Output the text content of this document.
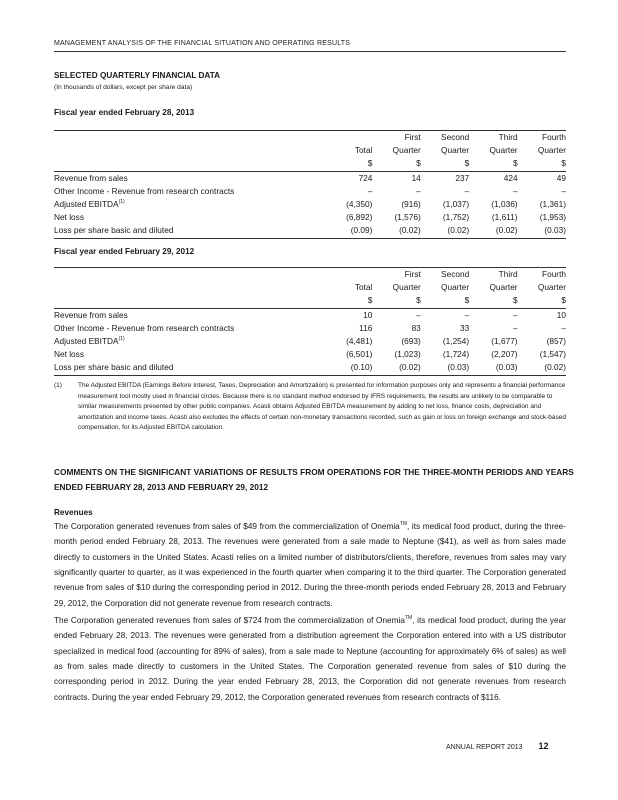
MANAGEMENT ANALYSIS OF THE FINANCIAL SITUATION AND OPERATING RESULTS
SELECTED QUARTERLY FINANCIAL DATA
(In thousands of dollars, except per share data)
Fiscal year ended February 28, 2013
		First	Second	Third	Fourth
	Total	Quarter	Quarter	Quarter	Quarter
	$	$	$	$	$
Revenue from sales	724	14	237	424	49
Other Income - Revenue from research contracts	–	–	–	–	–
Adjusted EBITDA$^{(1)}$	(4,350)	(916)	(1,037)	(1,036)	(1,361)
Net loss	(6,892)	(1,576)	(1,752)	(1,611)	(1,953)
Loss per share basic and diluted	(0.09)	(0.02)	(0.02)	(0.02)	(0.03)
Fiscal year ended February 29, 2012
		First	Second	Third	Fourth
	Total	Quarter	Quarter	Quarter	Quarter
	$	$	$	$	$
Revenue from sales	10	–	–	–	10
Other Income - Revenue from research contracts	116	83	33	–	–
Adjusted EBITDA$^{(1)}$	(4,481)	(693)	(1,254)	(1,677)	(857)
Net loss	(6,501)	(1,023)	(1,724)	(2,207)	(1,547)
Loss per share basic and diluted	(0.10)	(0.02)	(0.03)	(0.03)	(0.02)
(1) The Adjusted EBITDA (Earnings Before Interest, Taxes, Depreciation and Amortization) is presented for information purposes only and represents a financial performance measurement tool mostly used in financial circles. Because there is no standard method endorsed by IFRS requirements, the results are unlikely to be comparable to similar measurements presented by other public companies. Acasti obtains Adjusted EBITDA measurement by adding to net loss, finance costs, depreciation and amortization and income taxes. Acasti also excludes the effects of certain non-monetary transactions recorded, such as gain or loss on foreign exchange and stock-based compensation, for its Adjusted EBITDA calculation.
COMMENTS ON THE SIGNIFICANT VARIATIONS OF RESULTS FROM OPERATIONS FOR THE THREE-MONTH PERIODS AND YEARS ENDED FEBRUARY 28, 2013 AND FEBRUARY 29, 2012
Revenues
The Corporation generated revenues from sales of $49 from the commercialization of Onemia™, its medical food product, during the three-month period ended February 28, 2013. The revenues were generated from a sale made to Neptune ($41), as well as from sales made directly to customers in the United States. Acasti relies on a limited number of distributors/clients, therefore, revenues from sales may vary significantly quarter to quarter, as it was experienced in the fourth quarter when comparing it to the third quarter. The Corporation generated revenue from sales of $10 during the corresponding period in 2012. During the three-month periods ended February 28, 2013 and February 29, 2012, the Corporation did not generate revenue from research contracts.
The Corporation generated revenues from sales of $724 from the commercialization of Onemia™, its medical food product, during the year ended February 28, 2013. The revenues were generated from a distribution agreement the Corporation entered into with a US distributor specialized in medical food (accounting for 89% of sales), from a sale made to Neptune (accounting for approximately 6% of sales) as well as from sales made directly to customers in the United States. The Corporation generated revenue from sales of $10 during the corresponding period in 2012. During the year ended February 28, 2013, the Corporation did not generate revenues from research contracts. During the year ended February 29, 2012, the Corporation generated revenues from research contracts of $116.
ANNUAL REPORT 2013 12
